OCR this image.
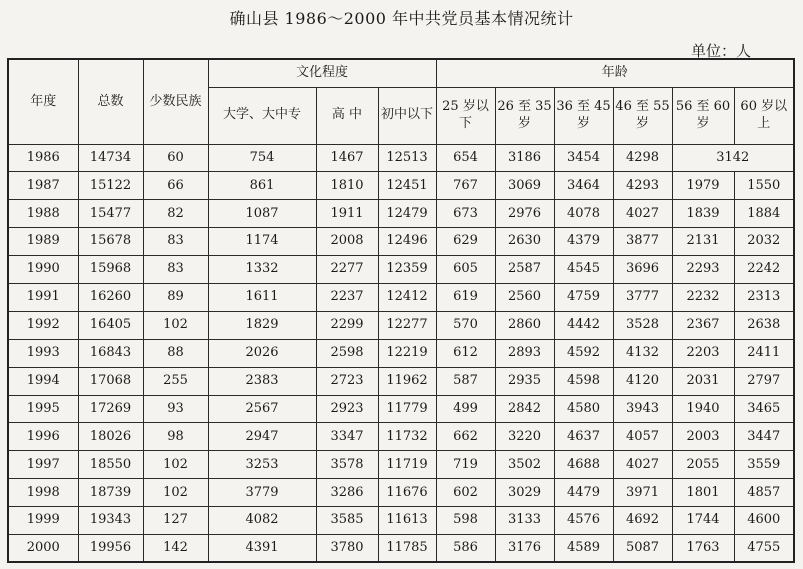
确山县 1986～2000 年中共党员基本情况统计
单位：人
年度	总数	少数民族	文化程度			年龄					
			大学、大中专	高 中	初中以下	25 岁以下	26 至 35 岁	36 至 45 岁	46 至 55 岁	56 至 60 岁	60 岁以上
1986	14734	60	754	1467	12513	654	3186	3454	4298	3142	
1987	15122	66	861	1810	12451	767	3069	3464	4293	1979	1550
1988	15477	82	1087	1911	12479	673	2976	4078	4027	1839	1884
1989	15678	83	1174	2008	12496	629	2630	4379	3877	2131	2032
1990	15968	83	1332	2277	12359	605	2587	4545	3696	2293	2242
1991	16260	89	1611	2237	12412	619	2560	4759	3777	2232	2313
1992	16405	102	1829	2299	12277	570	2860	4442	3528	2367	2638
1993	16843	88	2026	2598	12219	612	2893	4592	4132	2203	2411
1994	17068	255	2383	2723	11962	587	2935	4598	4120	2031	2797
1995	17269	93	2567	2923	11779	499	2842	4580	3943	1940	3465
1996	18026	98	2947	3347	11732	662	3220	4637	4057	2003	3447
1997	18550	102	3253	3578	11719	719	3502	4688	4027	2055	3559
1998	18739	102	3779	3286	11676	602	3029	4479	3971	1801	4857
1999	19343	127	4082	3585	11613	598	3133	4576	4692	1744	4600
2000	19956	142	4391	3780	11785	586	3176	4589	5087	1763	4755
